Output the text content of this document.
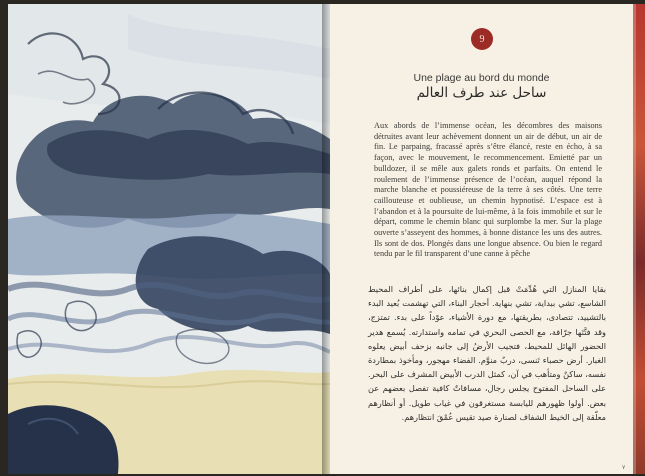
9
Une plage au bord du monde
ساحل عند طرف العالم

Aux abords de l’immense océan, les décombres des maisons détruites avant leur achèvement donnent un air de début, un air de fin. Le parpaing, fracassé après s’être élancé, reste en écho, à sa façon, avec le mouvement, le recommencement. Emietté par un bulldozer, il se mêle aux galets ronds et parfaits. On entend le roulement de l’immense présence de l’océan, auquel répond la marche blanche et poussiéreuse de la terre à ses côtés. Une terre caillouteuse et oublieuse, un chemin hypnotisé. L’espace est à l’abandon et à la poursuite de lui-même, à la fois immobile et sur le départ, comme le chemin blanc qui surplombe la mer. Sur la plage ouverte s’asseyent des hommes, à bonne distance les uns des autres. Ils sont de dos. Plongés dans une longue absence. Ou bien le regard tendu par le fil transparent d’une canne à pêche

بقايا المنازل التي هُدِّمَتْ قبل إكمال بنائها، على أطراف المحيط الشاسع، تشي ببداية، تشي بنهاية. أحجار البناء، التي تهشمت بُعيد البدء بالتشييد، تتصادى، بطريقتها، مع دورة الأشياء، عوْداً على بدء. تمتزج، وقد فتَّتَها جرّافة، مع الحصى البحري في تمامه واستدارته. يُسمع هدير الحضور الهائل للمحيط، فتجيب الأرضُ إلى جانبه بزحف أبيض يعلوه الغبار. أرض حصباء تَنسى، دربٌ منوَّم. الفضاء مهجور، ومأخوذ بمطاردة نفسه، ساكنٌ ومتأهب في آن، كمثل الدرب الأبيض المشرف على البحر. على الساحل المفتوح يجلس رجال، مسافاتٌ كافية تفصل بعضهم عن بعض. أولوا ظهورهم لليابسة مستغرقون في غياب طويل. أو أنظارهم معلّقة إلى الخيط الشفاف لصنارة صيد تقيس عُمْقَ انتظارهم.

٧
